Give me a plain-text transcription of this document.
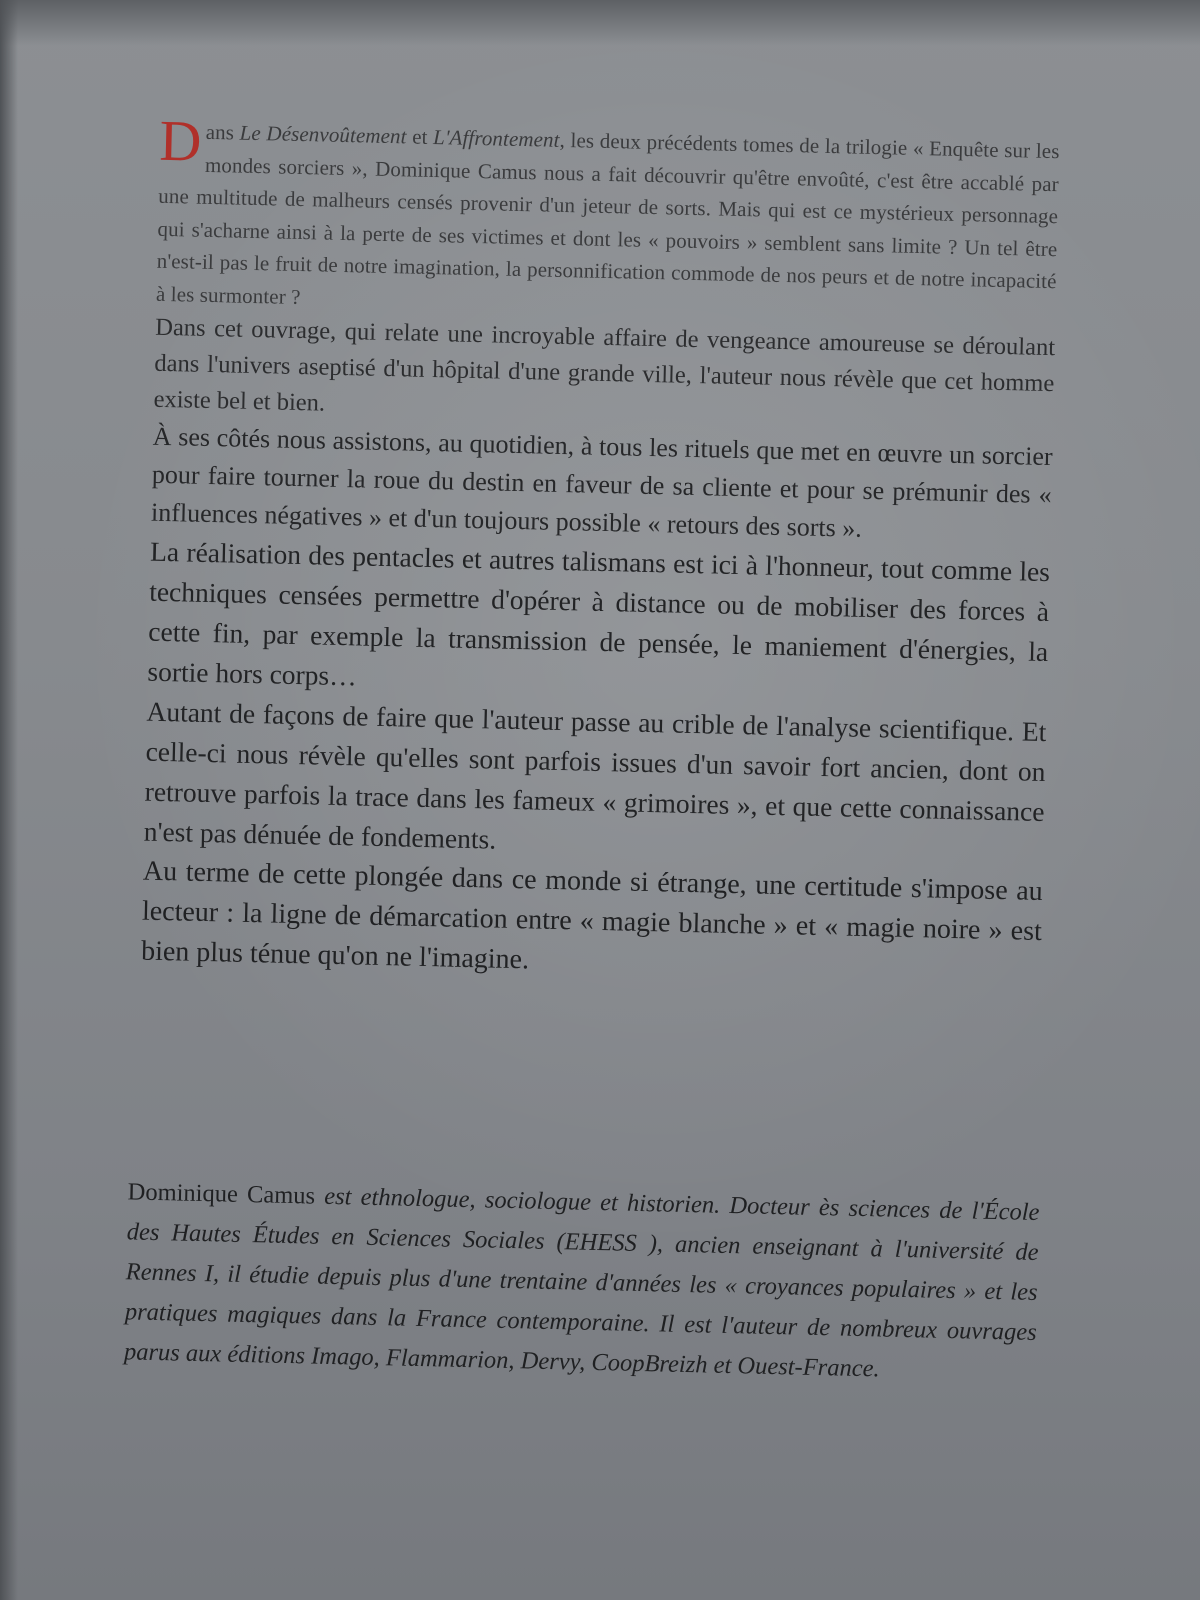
Dans Le Désenvoûtement et L'Affrontement, les deux précédents tomes de la trilogie « Enquête sur les mondes sorciers », Dominique Camus nous a fait découvrir qu'être envoûté, c'est être accablé par une multitude de malheurs censés provenir d'un jeteur de sorts. Mais qui est ce mystérieux personnage qui s'acharne ainsi à la perte de ses victimes et dont les « pouvoirs » semblent sans limite ? Un tel être n'est-il pas le fruit de notre imagination, la personnification commode de nos peurs et de notre incapacité à les surmonter ?

Dans cet ouvrage, qui relate une incroyable affaire de vengeance amoureuse se déroulant dans l'univers aseptisé d'un hôpital d'une grande ville, l'auteur nous révèle que cet homme existe bel et bien.

À ses côtés nous assistons, au quotidien, à tous les rituels que met en œuvre un sorcier pour faire tourner la roue du destin en faveur de sa cliente et pour se prémunir des « influences négatives » et d'un toujours possible « retours des sorts ».

La réalisation des pentacles et autres talismans est ici à l'honneur, tout comme les techniques censées permettre d'opérer à distance ou de mobiliser des forces à cette fin, par exemple la transmission de pensée, le maniement d'énergies, la sortie hors corps…

Autant de façons de faire que l'auteur passe au crible de l'analyse scientifique. Et celle-ci nous révèle qu'elles sont parfois issues d'un savoir fort ancien, dont on retrouve parfois la trace dans les fameux « grimoires », et que cette connaissance n'est pas dénuée de fondements.

Au terme de cette plongée dans ce monde si étrange, une certitude s'impose au lecteur : la ligne de démarcation entre « magie blanche » et « magie noire » est bien plus ténue qu'on ne l'imagine.

Dominique Camus est ethnologue, sociologue et historien. Docteur ès sciences de l'École des Hautes Études en Sciences Sociales (EHESS ), ancien enseignant à l'université de Rennes I, il étudie depuis plus d'une trentaine d'années les « croyances populaires » et les pratiques magiques dans la France contemporaine. Il est l'auteur de nombreux ouvrages parus aux éditions Imago, Flammarion, Dervy, CoopBreizh et Ouest-France.
